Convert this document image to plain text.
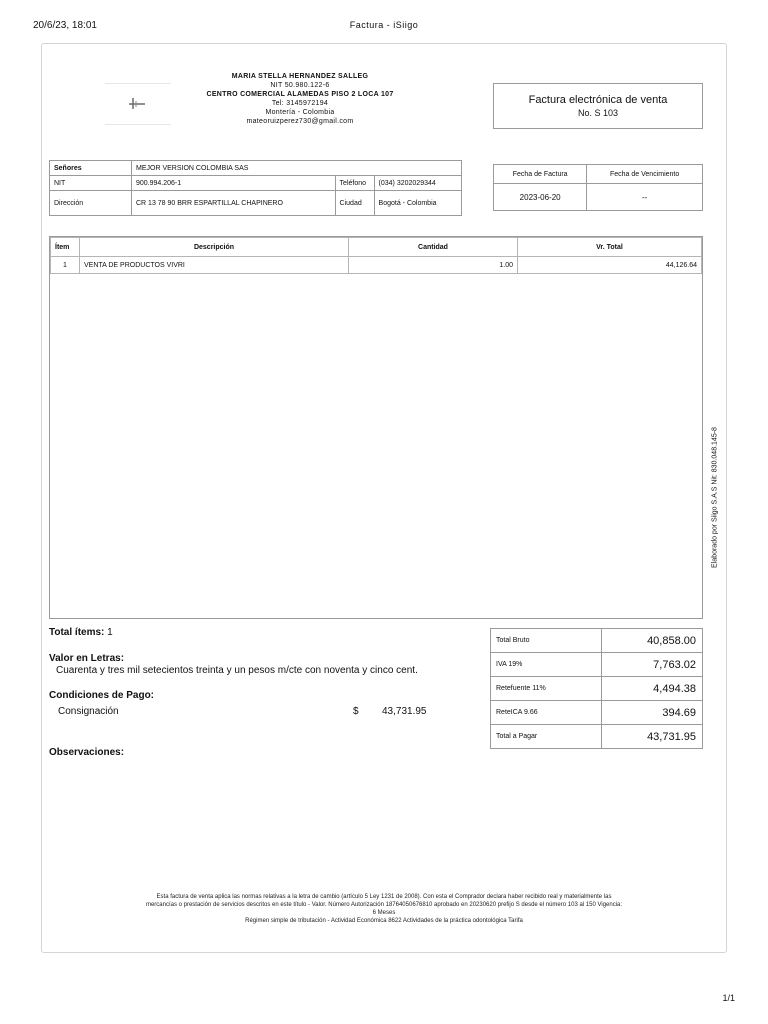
20/6/23, 18:01	Factura - iSiigo
MARIA STELLA HERNANDEZ SALLEG
NIT 50.980.122-6
CENTRO COMERCIAL ALAMEDAS PISO 2 LOCA 107
Tel: 3145972194
Montería - Colombia
mateoruizperez730@gmail.com
Factura electrónica de venta
No. S 103
Señores	MEJOR VERSION COLOMBIA SAS		
NIT	900.994.206-1	Teléfono	(034) 3202029344
Dirección	CR 13 78 90 BRR ESPARTILLAL CHAPINERO	Ciudad	Bogotá - Colombia
Fecha de Factura	Fecha de Vencimiento
2023-06-20	--
Ítem	Descripción	Cantidad	Vr. Total
1	VENTA DE PRODUCTOS VIVRI	1.00	44,126.64
Elaborado por Siigo S.A.S Nit: 830.048.145-8
Total ítems: 1
Valor en Letras:
Cuarenta y tres mil setecientos treinta y un pesos m/cte con noventa y cinco cent.
Condiciones de Pago:
Consignación	$ 43,731.95
Observaciones:
Total Bruto	40,858.00
IVA 19%	7,763.02
Retefuente 11%	4,494.38
ReteICA 9.66	394.69
Total a Pagar	43,731.95
Esta factura de venta aplica las normas relativas a la letra de cambio (artículo 5 Ley 1231 de 2008). Con esta el Comprador declara haber recibido real y materialmente las
mercancías o prestación de servicios descritos en este título - Valor. Número Autorización 18764050676810 aprobado en 20230620 prefijo S desde el número 103 al 150 Vigencia:
6 Meses
Régimen simple de tributación - Actividad Económica 8622 Actividades de la práctica odontológica Tarifa
1/1
